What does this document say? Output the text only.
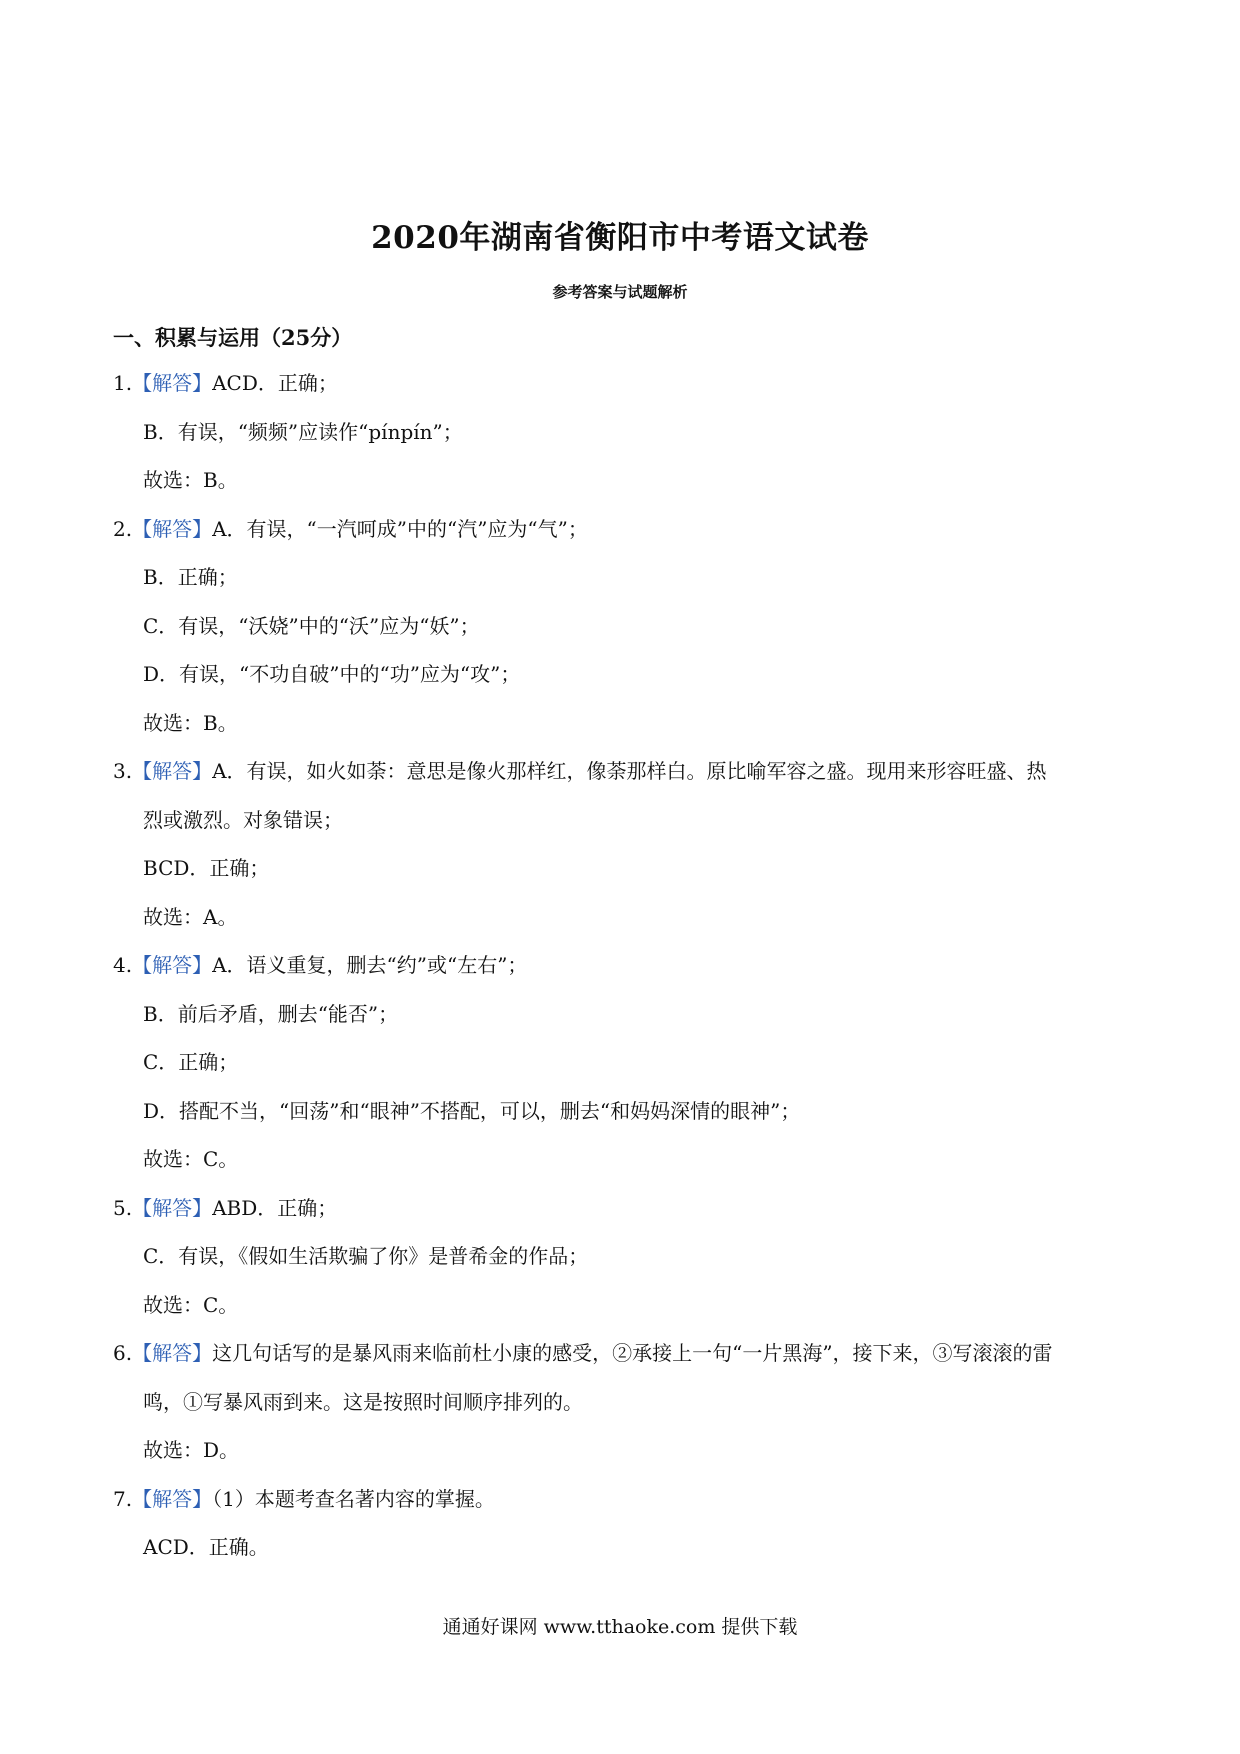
2020年湖南省衡阳市中考语文试卷
参考答案与试题解析
一、积累与运用（25分）
1.【解答】ACD．正确；
B．有误，“频频”应读作“pínpín”；
故选：B。
2.【解答】A．有误，“一汽呵成”中的“汽”应为“气”；
B．正确；
C．有误，“沃娆”中的“沃”应为“妖”；
D．有误，“不功自破”中的“功”应为“攻”；
故选：B。
3.【解答】A．有误，如火如荼：意思是像火那样红，像荼那样白。原比喻军容之盛。现用来形容旺盛、热
烈或激烈。对象错误；
BCD．正确；
故选：A。
4.【解答】A．语义重复，删去“约”或“左右”；
B．前后矛盾，删去“能否”；
C．正确；
D．搭配不当，“回荡”和“眼神”不搭配，可以，删去“和妈妈深情的眼神”；
故选：C。
5.【解答】ABD．正确；
C．有误，《假如生活欺骗了你》是普希金的作品；
故选：C。
6.【解答】这几句话写的是暴风雨来临前杜小康的感受，②承接上一句“一片黑海”，接下来，③写滚滚的雷
鸣，①写暴风雨到来。这是按照时间顺序排列的。
故选：D。
7.【解答】（1）本题考查名著内容的掌握。
ACD．正确。
通通好课网 www.tthaoke.com 提供下载
